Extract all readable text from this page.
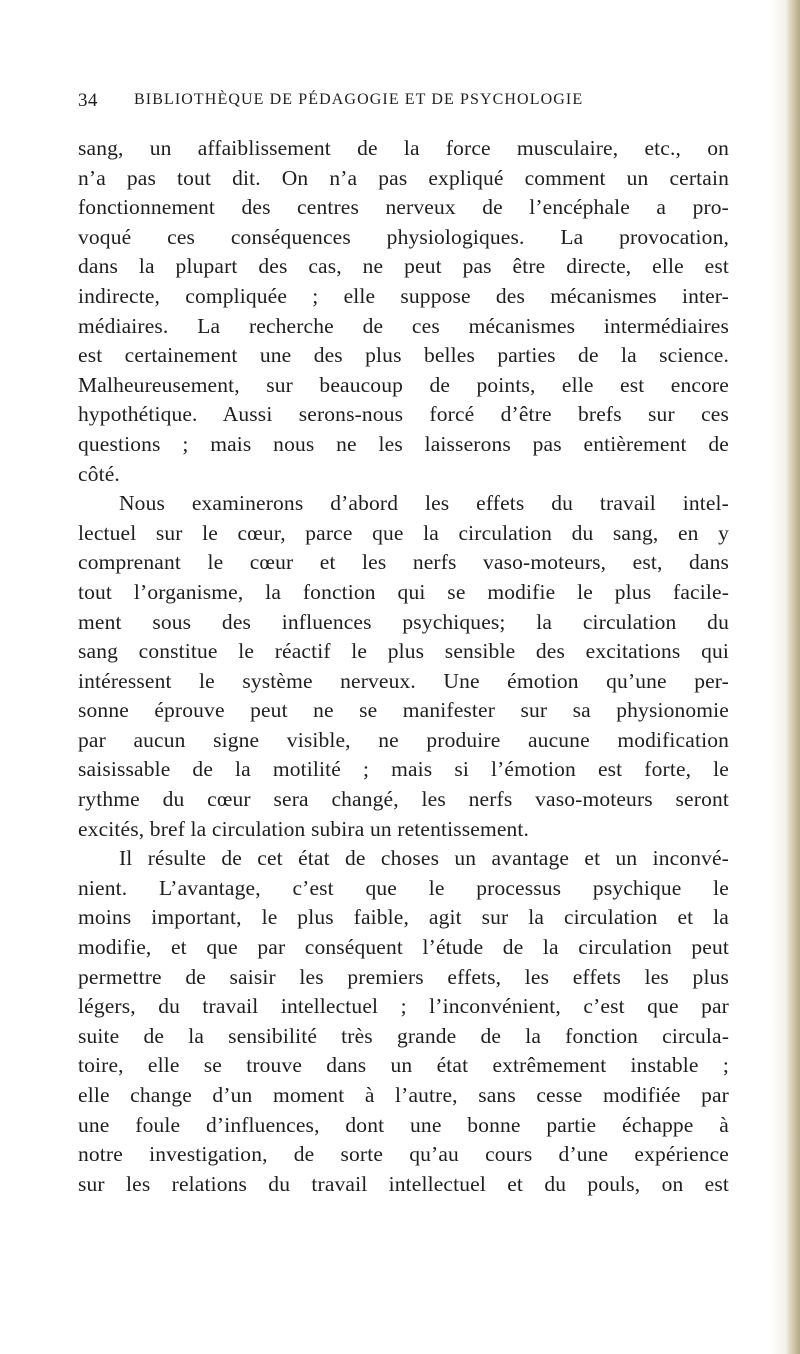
34 BIBLIOTHÈQUE DE PÉDAGOGIE ET DE PSYCHOLOGIE
sang, un affaiblissement de la force musculaire, etc., on
n’a pas tout dit. On n’a pas expliqué comment un certain
fonctionnement des centres nerveux de l’encéphale a pro-
voqué ces conséquences physiologiques. La provocation,
dans la plupart des cas, ne peut pas être directe, elle est
indirecte, compliquée ; elle suppose des mécanismes inter-
médiaires. La recherche de ces mécanismes intermédiaires
est certainement une des plus belles parties de la science.
Malheureusement, sur beaucoup de points, elle est encore
hypothétique. Aussi serons-nous forcé d’être brefs sur ces
questions ; mais nous ne les laisserons pas entièrement de
côté.
Nous examinerons d’abord les effets du travail intel-
lectuel sur le cœur, parce que la circulation du sang, en y
comprenant le cœur et les nerfs vaso-moteurs, est, dans
tout l’organisme, la fonction qui se modifie le plus facile-
ment sous des influences psychiques; la circulation du
sang constitue le réactif le plus sensible des excitations qui
intéressent le système nerveux. Une émotion qu’une per-
sonne éprouve peut ne se manifester sur sa physionomie
par aucun signe visible, ne produire aucune modification
saisissable de la motilité ; mais si l’émotion est forte, le
rythme du cœur sera changé, les nerfs vaso-moteurs seront
excités, bref la circulation subira un retentissement.
Il résulte de cet état de choses un avantage et un inconvé-
nient. L’avantage, c’est que le processus psychique le
moins important, le plus faible, agit sur la circulation et la
modifie, et que par conséquent l’étude de la circulation peut
permettre de saisir les premiers effets, les effets les plus
légers, du travail intellectuel ; l’inconvénient, c’est que par
suite de la sensibilité très grande de la fonction circula-
toire, elle se trouve dans un état extrêmement instable ;
elle change d’un moment à l’autre, sans cesse modifiée par
une foule d’influences, dont une bonne partie échappe à
notre investigation, de sorte qu’au cours d’une expérience
sur les relations du travail intellectuel et du pouls, on est
